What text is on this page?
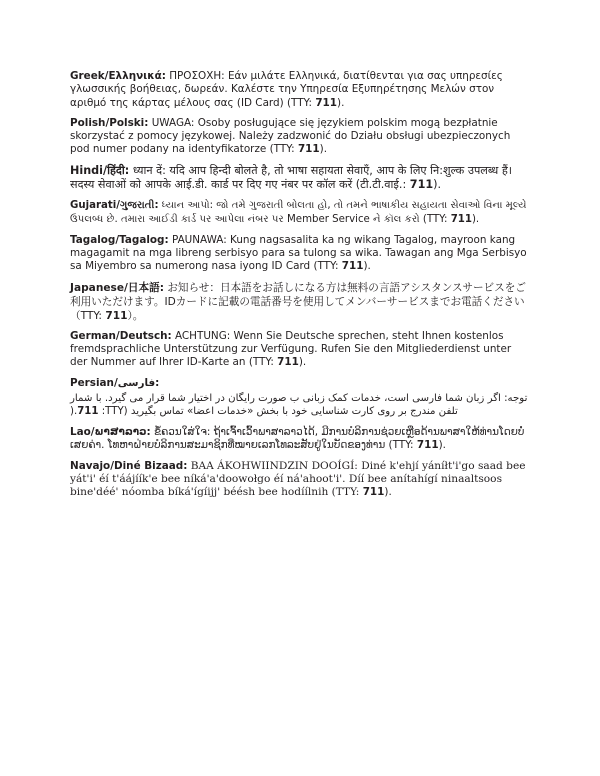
Greek/Ελληνικά: ΠΡΟΣΟΧΗ: Εάν μιλάτε Ελληνικά, διατίθενται για σας υπηρεσίες γλωσσικής βοήθειας, δωρεάν. Καλέστε την Υπηρεσία Εξυπηρέτησης Μελών στον αριθμό της κάρτας μέλους σας (ID Card) (TTY: 711).

Polish/Polski: UWAGA: Osoby posługujące się językiem polskim mogą bezpłatnie skorzystać z pomocy językowej. Należy zadzwonić do Działu obsługi ubezpieczonych pod numer podany na identyfikatorze (TTY: 711).

Hindi/हिंदी: ध्यान दें: यदि आप हिन्दी बोलते है, तो भाषा सहायता सेवाएँ, आप के लिए नि:शुल्क उपलब्ध हैं। सदस्य सेवाओं को आपके आई.डी. कार्ड पर दिए गए नंबर पर कॉल करें (टी.टी.वाई.: 711).

Gujarati/ગુજરાતી: ધ્યાન આપો: જો તમે ગુજરાતી બોલતા હો, તો તમને ભાષાકીય સહાયતા સેવાઓ વિના મૂલ્યે ઉપલબ્ધ છે. તમારા આઈડી કાર્ડ પર આપેલા નંબર પર Member Service ને કૉલ કરો (TTY: 711).

Tagalog/Tagalog: PAUNAWA: Kung nagsasalita ka ng wikang Tagalog, mayroon kang magagamit na mga libreng serbisyo para sa tulong sa wika. Tawagan ang Mga Serbisyo sa Miyembro sa numerong nasa iyong ID Card (TTY: 711).

Japanese/日本語: お知らせ：日本語をお話しになる方は無料の言語アシスタンスサービスをご利用いただけます。IDカードに記載の電話番号を使用してメンバーサービスまでお電話ください（TTY: 711）。

German/Deutsch: ACHTUNG: Wenn Sie Deutsche sprechen, steht Ihnen kostenlos fremdsprachliche Unterstützung zur Verfügung. Rufen Sie den Mitgliederdienst unter der Nummer auf Ihrer ID-Karte an (TTY: 711).

Persian/فارسی:
توجه: اگر زبان شما فارسی است، خدمات کمک زبانی ب صورت رایگان در اختیار شما قرار می گیرد. با شمار تلفن مندرج بر روی کارت شناسایی خود با بخش «خدمات اعضا» تماس بگیرید (TTY: 711).

Lao/ພາສາລາວ: ຂໍ້ຄວນໃສ່ໃຈ: ຖ້າເຈົ້າເວົ້າພາສາລາວໄດ້, ມີການບໍລິການຊ່ວຍເຫຼືອດ້ານພາສາໃຫ້ທ່ານໂດຍບໍ່ເສຍຄ່າ. ໂທຫາຝ່າຍບໍລິການສະມາຊິກທີ່ໝາຍເລກໂທລະສັບຢູ່ໃນບັດຂອງທ່ານ (TTY: 711).

Navajo/Diné Bizaad: BAA ÁKOHWIINDZIN DOOÍGÍ: Diné k'ehjí yáníłt'i'go saad bee yát'i' éí t'áájíík'e bee níká'a'doowołgo éí ná'ahoot'i'. Díí bee anítahígí ninaaltsoos bine'déé' nóomba bíká'ígíijj' béésh bee hodíílnih (TTY: 711).
